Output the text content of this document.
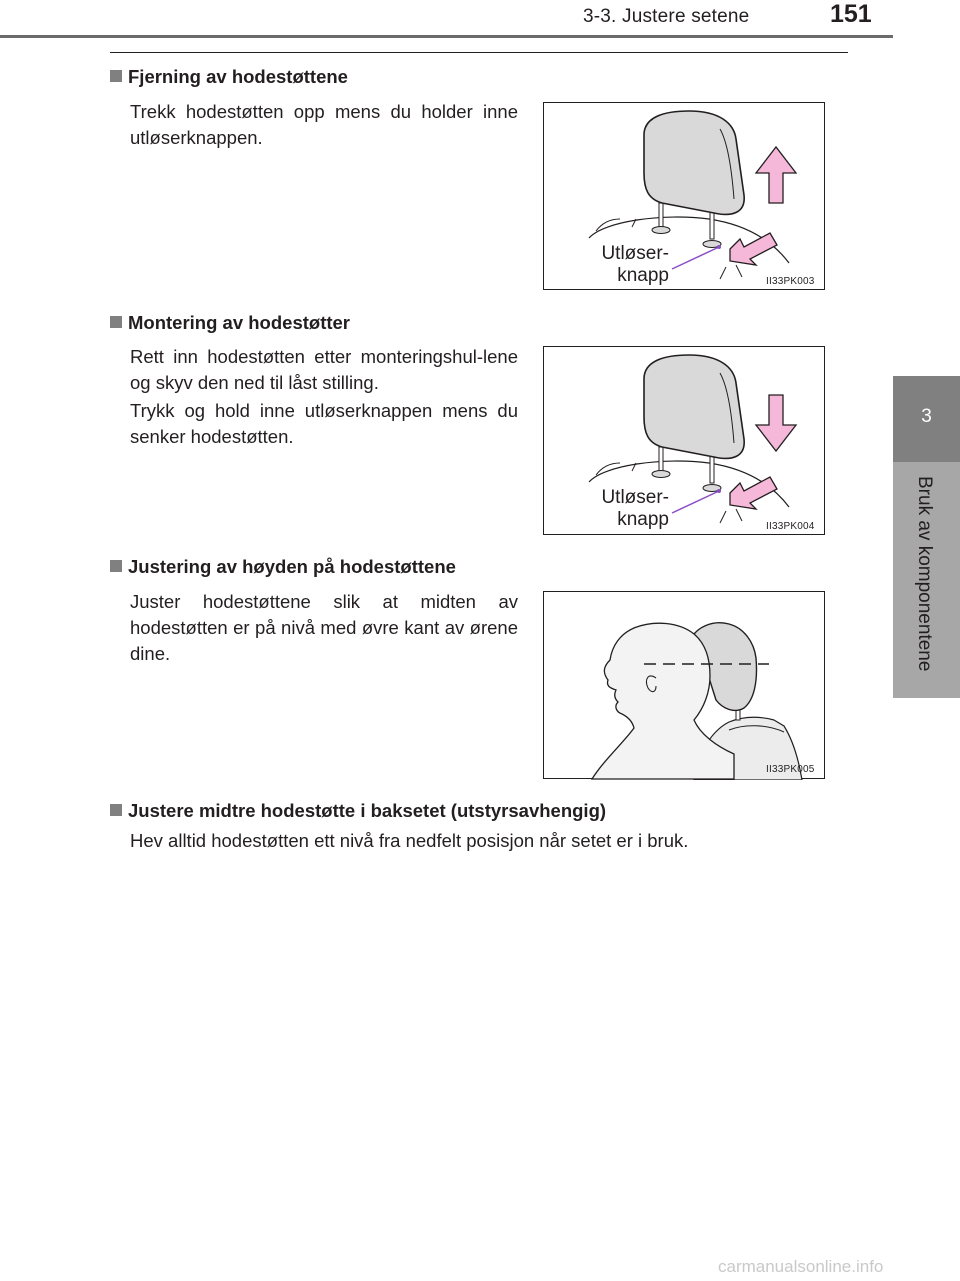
3-3. Justere setene	151
3
Bruk av komponentene
Fjerning av hodestøttene
Trekk hodestøtten opp mens du holder inne utløserknappen.
Utløser-
knapp	II33PK003
Montering av hodestøtter
Rett inn hodestøtten etter monteringshul-lene og skyv den ned til låst stilling.
Trykk og hold inne utløserknappen mens du senker hodestøtten.
Utløser-
knapp	II33PK004
Justering av høyden på hodestøttene
Juster hodestøttene slik at midten av hodestøtten er på nivå med øvre kant av ørene dine.
II33PK005
Justere midtre hodestøtte i baksetet (utstyrsavhengig)
Hev alltid hodestøtten ett nivå fra nedfelt posisjon når setet er i bruk.
carmanualsonline.info
